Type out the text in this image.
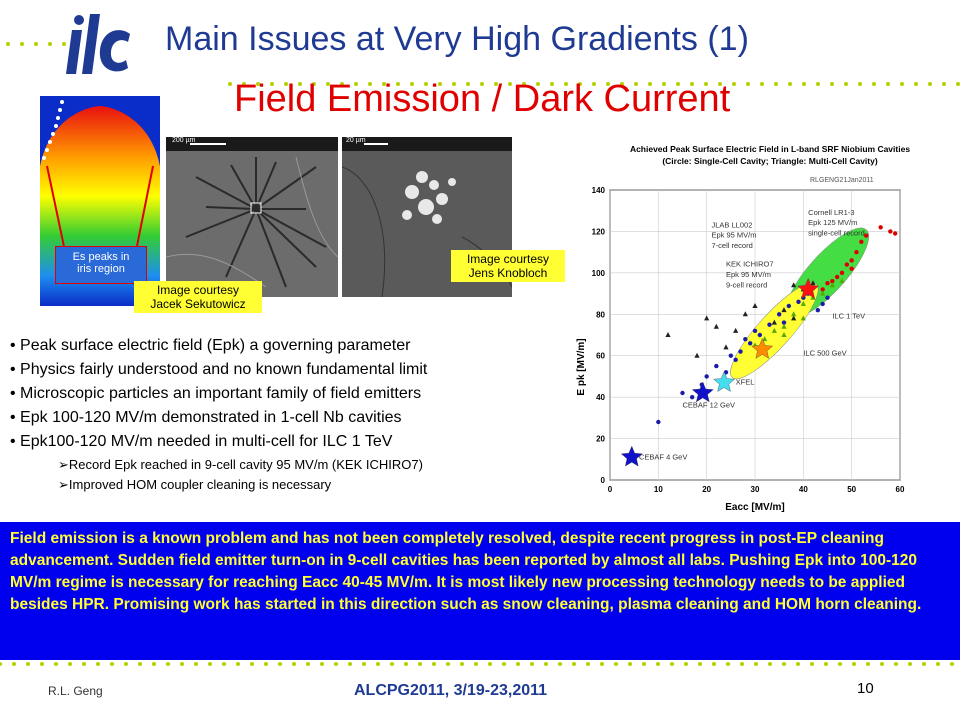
Main Issues at Very High Gradients (1)
Field Emission / Dark Current
Es peaks in
iris region
200 µm	20 µm
Image courtesy
Jacek Sekutowicz
Image courtesy
Jens Knobloch
• Peak surface electric field (Epk) a governing parameter
• Physics fairly understood and no known fundamental limit
• Microscopic particles an important family of field emitters
• Epk 100-120 MV/m demonstrated in 1-cell Nb cavities
• Epk100-120 MV/m needed in multi-cell for ILC 1 TeV
➢Record Epk reached in 9-cell cavity 95 MV/m (KEK ICHIRO7)
➢Improved HOM coupler cleaning is necessary
Achieved Peak Surface Electric Field in L-band SRF Niobium Cavities
(Circle: Single-Cell Cavity; Triangle: Multi-Cell Cavity)
RLGENG21Jan2011
0	10	20	30	40	50	60
0
20
40
60
80
100
120
140
JLAB LL002
Epk 95 MV/m
7-cell record
Cornell LR1-3
Epk 125 MV/m
single-cell record
KEK ICHIRO7
Epk 95 MV/m
9-cell record
ILC 1 TeV
ILC 500 GeV
XFEL
CEBAF 12 GeV
CEBAF 4 GeV
Eacc [MV/m]
E pk [MV/m]

Field emission is a known problem and has not been completely resolved, despite recent progress in post-EP cleaning advancement. Sudden field emitter turn-on in 9-cell cavities has been reported by almost all labs. Pushing Epk into 100-120 MV/m regime is necessary for reaching Eacc 40-45 MV/m. It is most likely new processing technology needs to be applied besides HPR. Promising work has started in this direction such as snow cleaning, plasma cleaning and HOM horn cleaning.

R.L. Geng	ALCPG2011, 3/19-23,2011	10
